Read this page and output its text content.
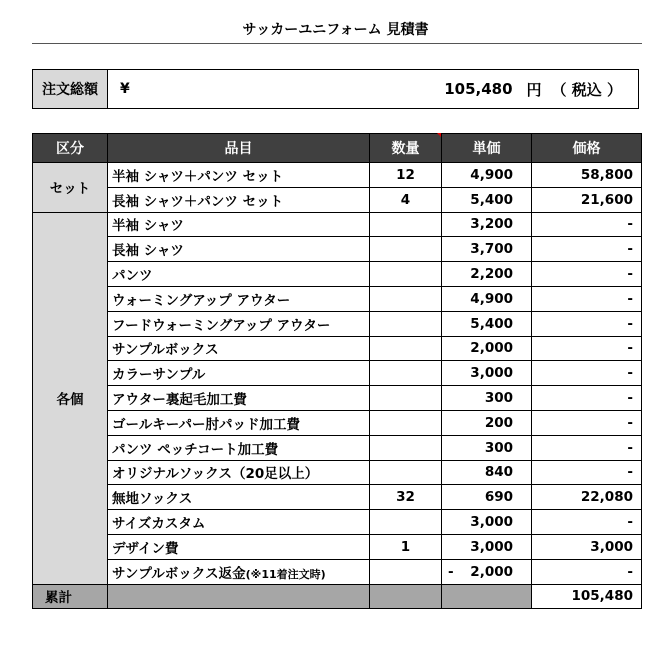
サッカーユニフォーム 見積書
注文総額	¥	105,480 円 （ 税込 ）
区分	品目	数量	単価	価格
セット	半袖 シャツ＋パンツ セット	12	4,900	58,800
	長袖 シャツ＋パンツ セット	4	5,400	21,600
各個	半袖 シャツ		3,200	-
	長袖 シャツ		3,700	-
	パンツ		2,200	-
	ウォーミングアップ アウター		4,900	-
	フードウォーミングアップ アウター		5,400	-
	サンプルボックス		2,000	-
	カラーサンプル		3,000	-
	アウター裏起毛加工費		300	-
	ゴールキーパー肘パッド加工費		200	-
	パンツ ペッチコート加工費		300	-
	オリジナルソックス（20足以上）		840	-
	無地ソックス	32	690	22,080
	サイズカスタム		3,000	-
	デザイン費	1	3,000	3,000
	サンプルボックス返金(※11着注文時)		- 2,000	-
累計				105,480
